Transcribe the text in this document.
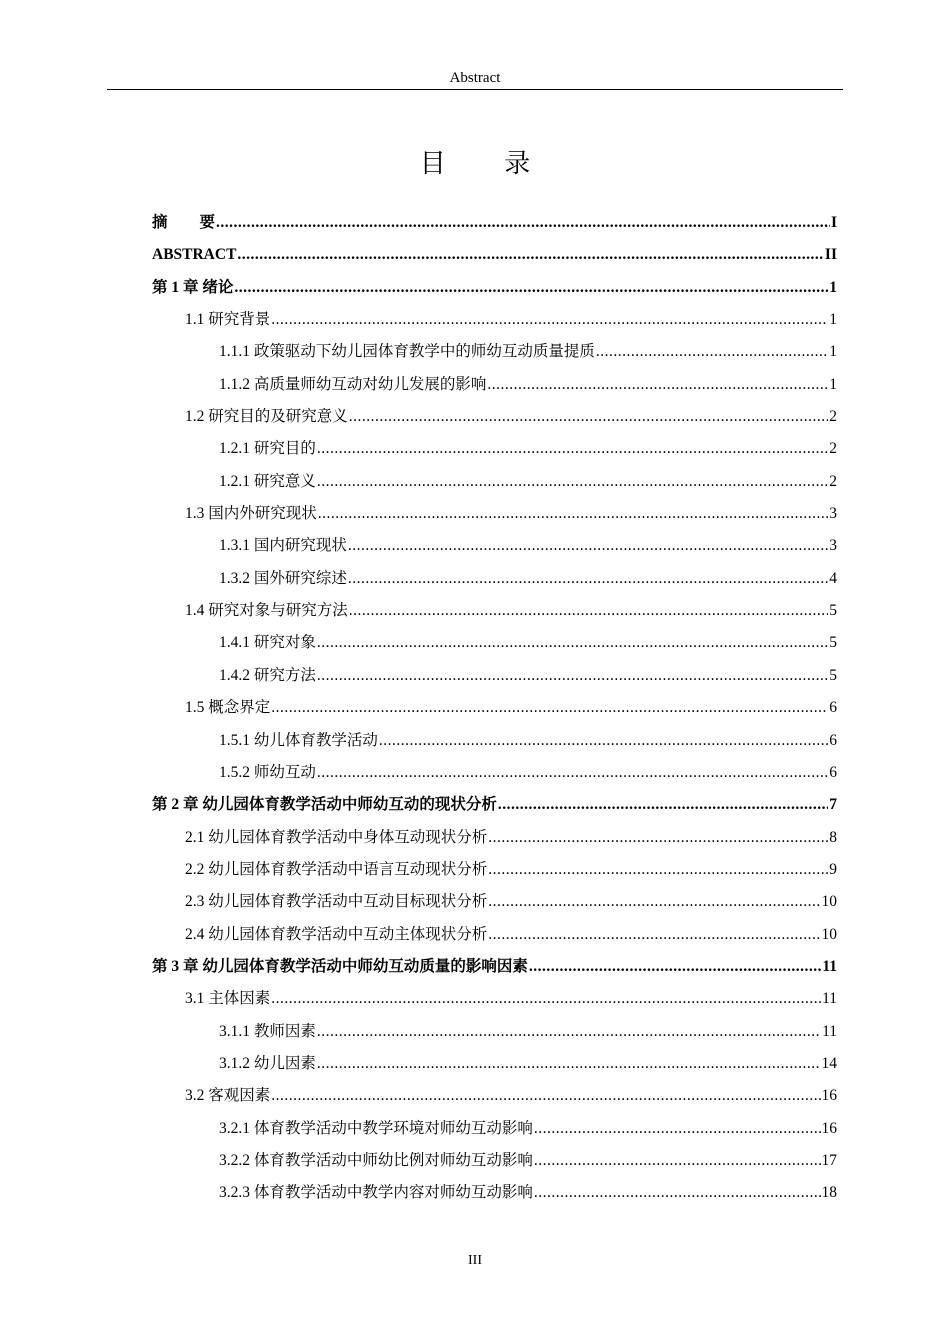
Abstract
目 录
摘 要 .....	I
ABSTRACT .....	II
第 1 章 绪论 .....	1
1.1 研究背景 .....	1
1.1.1 政策驱动下幼儿园体育教学中的师幼互动质量提质 .....	1
1.1.2 高质量师幼互动对幼儿发展的影响 .....	1
1.2 研究目的及研究意义 .....	2
1.2.1 研究目的 .....	2
1.2.1 研究意义 .....	2
1.3 国内外研究现状 .....	3
1.3.1 国内研究现状 .....	3
1.3.2 国外研究综述 .....	4
1.4 研究对象与研究方法 .....	5
1.4.1 研究对象 .....	5
1.4.2 研究方法 .....	5
1.5 概念界定 .....	6
1.5.1 幼儿体育教学活动 .....	6
1.5.2 师幼互动 .....	6
第 2 章 幼儿园体育教学活动中师幼互动的现状分析 .....	7
2.1 幼儿园体育教学活动中身体互动现状分析 .....	8
2.2 幼儿园体育教学活动中语言互动现状分析 .....	9
2.3 幼儿园体育教学活动中互动目标现状分析 .....	10
2.4 幼儿园体育教学活动中互动主体现状分析 .....	10
第 3 章 幼儿园体育教学活动中师幼互动质量的影响因素 .....	11
3.1 主体因素 .....	11
3.1.1 教师因素 .....	11
3.1.2 幼儿因素 .....	14
3.2 客观因素 .....	16
3.2.1 体育教学活动中教学环境对师幼互动影响 .....	16
3.2.2 体育教学活动中师幼比例对师幼互动影响 .....	17
3.2.3 体育教学活动中教学内容对师幼互动影响 .....	18
III
